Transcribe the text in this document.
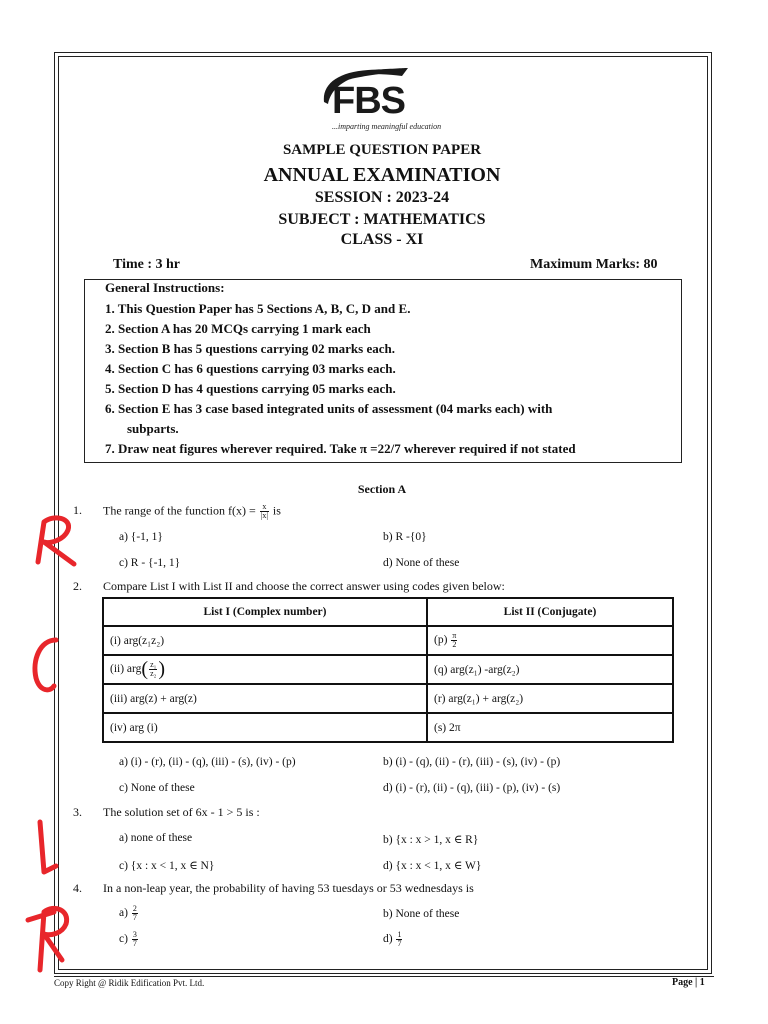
FBS
...imparting meaningful education
SAMPLE QUESTION PAPER
ANNUAL EXAMINATION
SESSION : 2023-24
SUBJECT : MATHEMATICS
CLASS - XI
Time : 3 hr	Maximum Marks: 80
General Instructions:
1. This Question Paper has 5 Sections A, B, C, D and E.
2. Section A has 20 MCQs carrying 1 mark each
3. Section B has 5 questions carrying 02 marks each.
4. Section C has 6 questions carrying 03 marks each.
5. Section D has 4 questions carrying 05 marks each.
6. Section E has 3 case based integrated units of assessment (04 marks each) with
subparts.
7. Draw neat figures wherever required. Take π =22/7 wherever required if not stated
Section A
1. The range of the function $f(x) = \frac{x}{|x|}$ is
a) {-1, 1}	b) R -{0}
c) R - {-1, 1}	d) None of these
2. Compare List I with List II and choose the correct answer using codes given below:
List I (Complex number)	List II (Conjugate)
(i) arg(z₁z₂)	$(p) \frac{\pi}{2}$

(ii) $arg( \frac{\text{z₁}}{\text{z₂}}$ )	(q) arg(z₁) -arg(z₂)
(iii) arg(z) + arg(z)	(r) arg(z₁) + arg(z₂)
(iv) arg (i)	(s) 2π
a) (i) - (r), (ii) - (q), (iii) - (s), (iv) - (p)	b) (i) - (q), (ii) - (r), (iii) - (s), (iv) - (p)
c) None of these	d) (i) - (r), (ii) - (q), (iii) - (p), (iv) - (s)
3. The solution set of 6x - 1 > 5 is :
a) none of these	b) {x : x > 1, x ∈ R}
c) {x : x < 1, x ∈ N}	d) {x : x < 1, x ∈ W}
4. In a non-leap year, the probability of having 53 tuesdays or 53 wednesdays is
$a) \frac{2}{7}$	b) None of these
$c) \frac{3}{7}$	$d) \frac{1}{7}$
Copy Right @ Ridik Edification Pvt. Ltd.	Page | 1
